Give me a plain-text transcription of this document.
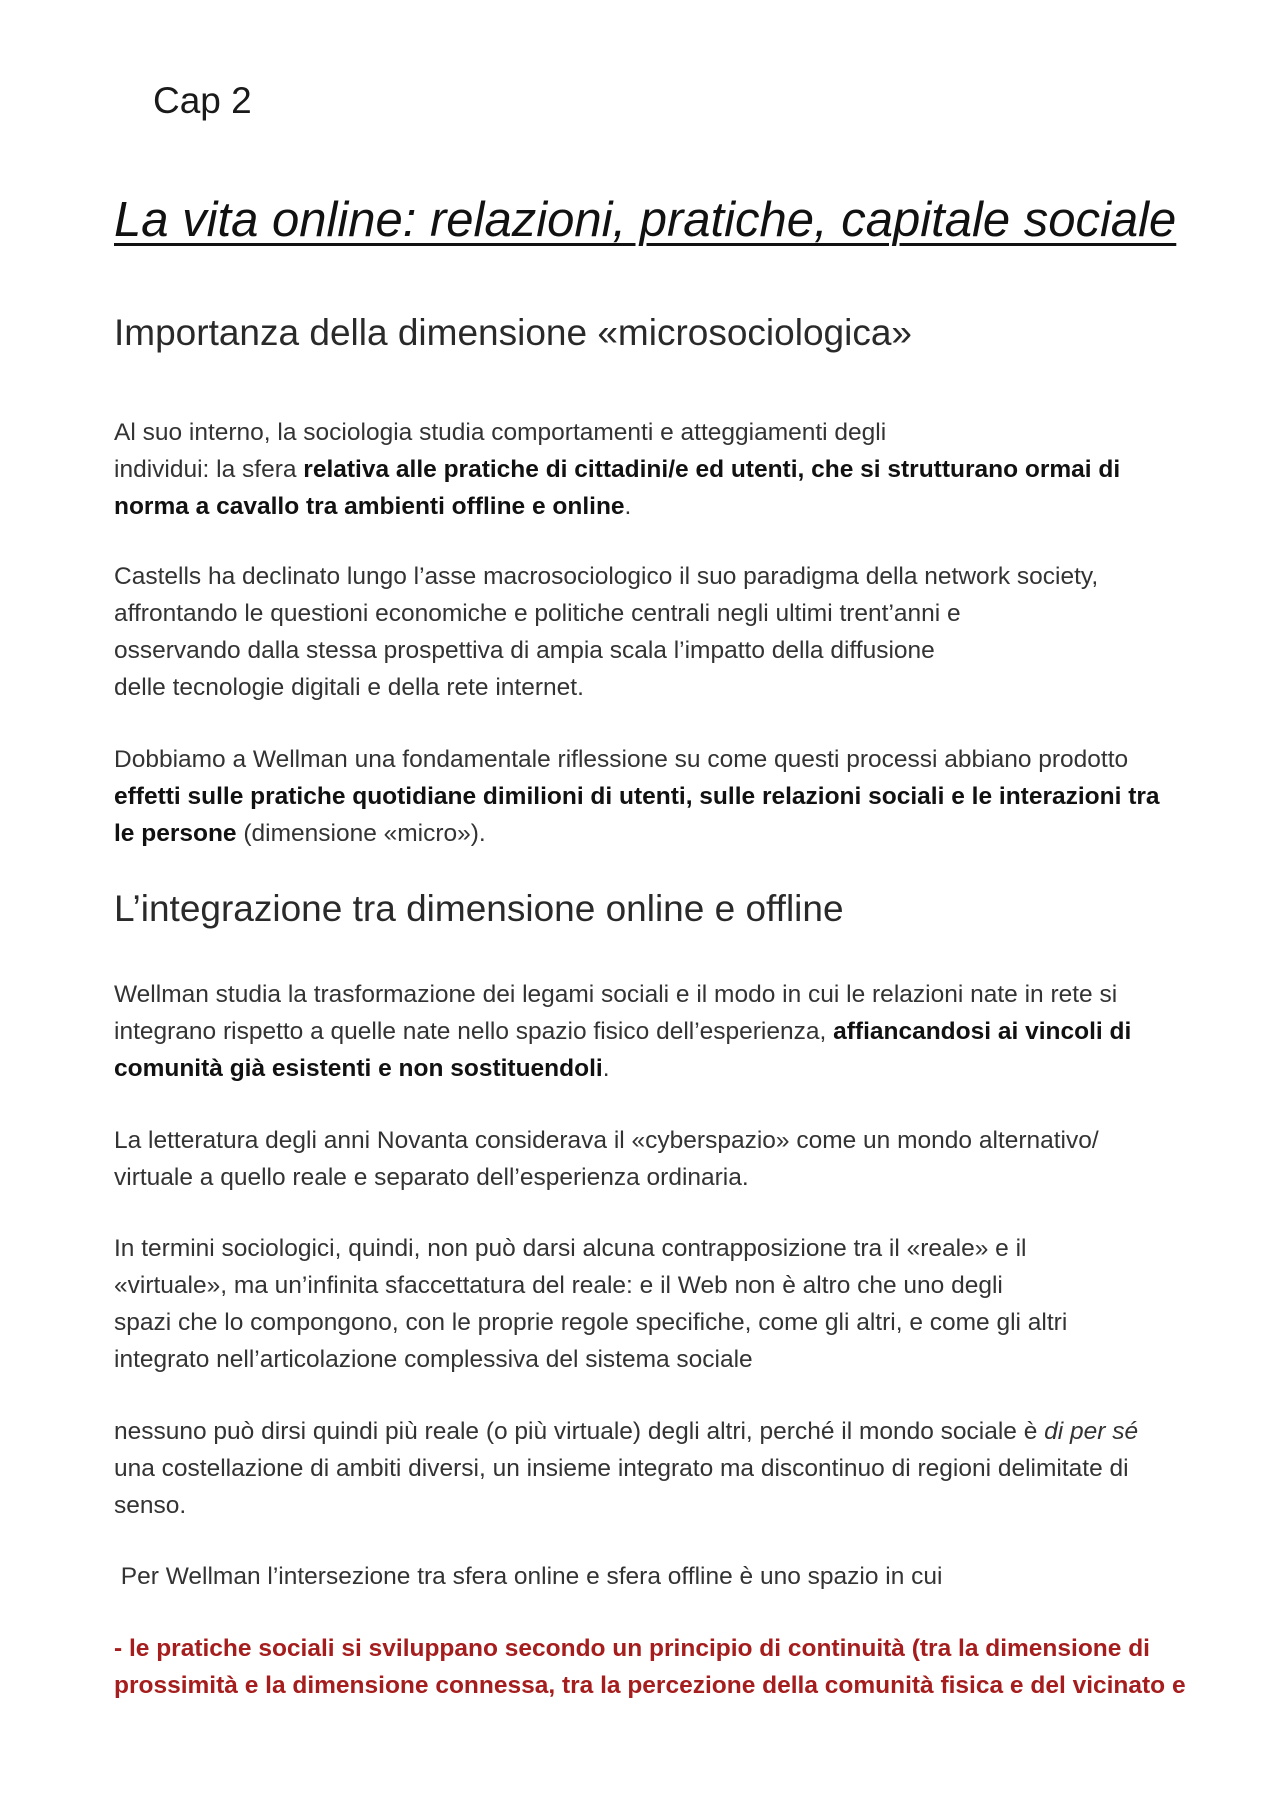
Cap 2
La vita online: relazioni, pratiche, capitale sociale
Importanza della dimensione «microsociologica»

Al suo interno, la sociologia studia comportamenti e atteggiamenti degli
individui: la sfera relativa alle pratiche di cittadini/e ed utenti, che si strutturano ormai di
norma a cavallo tra ambienti offline e online.

Castells ha declinato lungo l’asse macrosociologico il suo paradigma della network society,
affrontando le questioni economiche e politiche centrali negli ultimi trent’anni e
osservando dalla stessa prospettiva di ampia scala l’impatto della diffusione
delle tecnologie digitali e della rete internet.

Dobbiamo a Wellman una fondamentale riflessione su come questi processi abbiano prodotto
effetti sulle pratiche quotidiane dimilioni di utenti, sulle relazioni sociali e le interazioni tra
le persone (dimensione «micro»).

L’integrazione tra dimensione online e offline

Wellman studia la trasformazione dei legami sociali e il modo in cui le relazioni nate in rete si
integrano rispetto a quelle nate nello spazio fisico dell’esperienza, affiancandosi ai vincoli di
comunità già esistenti e non sostituendoli.

La letteratura degli anni Novanta considerava il «cyberspazio» come un mondo alternativo/
virtuale a quello reale e separato dell’esperienza ordinaria.

In termini sociologici, quindi, non può darsi alcuna contrapposizione tra il «reale» e il
«virtuale», ma un’infinita sfaccettatura del reale: e il Web non è altro che uno degli
spazi che lo compongono, con le proprie regole specifiche, come gli altri, e come gli altri
integrato nell’articolazione complessiva del sistema sociale

nessuno può dirsi quindi più reale (o più virtuale) degli altri, perché il mondo sociale è di per sé
una costellazione di ambiti diversi, un insieme integrato ma discontinuo di regioni delimitate di
senso.

Per Wellman l’intersezione tra sfera online e sfera offline è uno spazio in cui

- le pratiche sociali si sviluppano secondo un principio di continuità (tra la dimensione di
prossimità e la dimensione connessa, tra la percezione della comunità fisica e del vicinato e
